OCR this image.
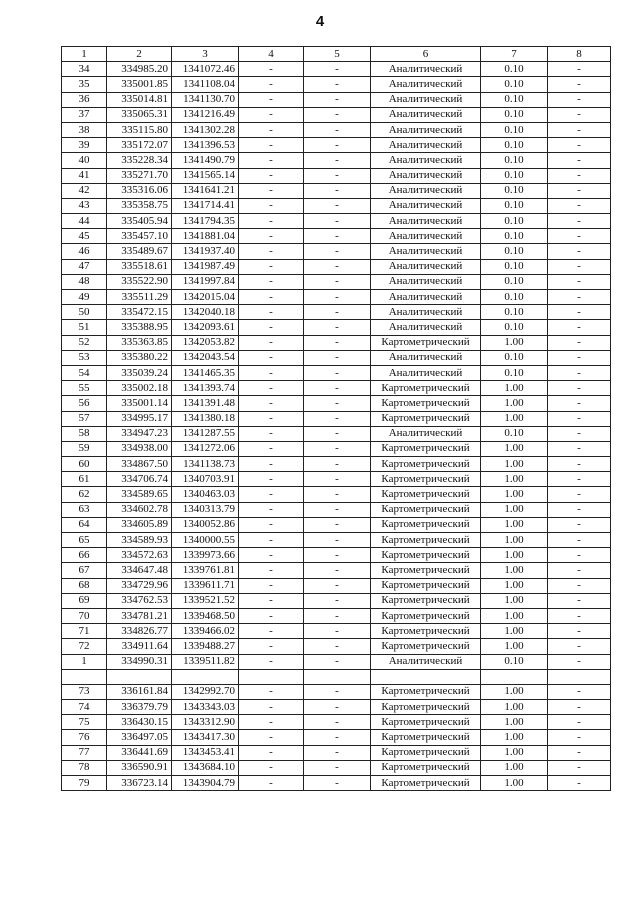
4
1	2	3	4	5	6	7	8
34	334985.20	1341072.46	-	-	Аналитический	0.10	-
35	335001.85	1341108.04	-	-	Аналитический	0.10	-
36	335014.81	1341130.70	-	-	Аналитический	0.10	-
37	335065.31	1341216.49	-	-	Аналитический	0.10	-
38	335115.80	1341302.28	-	-	Аналитический	0.10	-
39	335172.07	1341396.53	-	-	Аналитический	0.10	-
40	335228.34	1341490.79	-	-	Аналитический	0.10	-
41	335271.70	1341565.14	-	-	Аналитический	0.10	-
42	335316.06	1341641.21	-	-	Аналитический	0.10	-
43	335358.75	1341714.41	-	-	Аналитический	0.10	-
44	335405.94	1341794.35	-	-	Аналитический	0.10	-
45	335457.10	1341881.04	-	-	Аналитический	0.10	-
46	335489.67	1341937.40	-	-	Аналитический	0.10	-
47	335518.61	1341987.49	-	-	Аналитический	0.10	-
48	335522.90	1341997.84	-	-	Аналитический	0.10	-
49	335511.29	1342015.04	-	-	Аналитический	0.10	-
50	335472.15	1342040.18	-	-	Аналитический	0.10	-
51	335388.95	1342093.61	-	-	Аналитический	0.10	-
52	335363.85	1342053.82	-	-	Картометрический	1.00	-
53	335380.22	1342043.54	-	-	Аналитический	0.10	-
54	335039.24	1341465.35	-	-	Аналитический	0.10	-
55	335002.18	1341393.74	-	-	Картометрический	1.00	-
56	335001.14	1341391.48	-	-	Картометрический	1.00	-
57	334995.17	1341380.18	-	-	Картометрический	1.00	-
58	334947.23	1341287.55	-	-	Аналитический	0.10	-
59	334938.00	1341272.06	-	-	Картометрический	1.00	-
60	334867.50	1341138.73	-	-	Картометрический	1.00	-
61	334706.74	1340703.91	-	-	Картометрический	1.00	-
62	334589.65	1340463.03	-	-	Картометрический	1.00	-
63	334602.78	1340313.79	-	-	Картометрический	1.00	-
64	334605.89	1340052.86	-	-	Картометрический	1.00	-
65	334589.93	1340000.55	-	-	Картометрический	1.00	-
66	334572.63	1339973.66	-	-	Картометрический	1.00	-
67	334647.48	1339761.81	-	-	Картометрический	1.00	-
68	334729.96	1339611.71	-	-	Картометрический	1.00	-
69	334762.53	1339521.52	-	-	Картометрический	1.00	-
70	334781.21	1339468.50	-	-	Картометрический	1.00	-
71	334826.77	1339466.02	-	-	Картометрический	1.00	-
72	334911.64	1339488.27	-	-	Картометрический	1.00	-
1	334990.31	1339511.82	-	-	Аналитический	0.10	-

73	336161.84	1342992.70	-	-	Картометрический	1.00	-
74	336379.79	1343343.03	-	-	Картометрический	1.00	-
75	336430.15	1343312.90	-	-	Картометрический	1.00	-
76	336497.05	1343417.30	-	-	Картометрический	1.00	-
77	336441.69	1343453.41	-	-	Картометрический	1.00	-
78	336590.91	1343684.10	-	-	Картометрический	1.00	-
79	336723.14	1343904.79	-	-	Картометрический	1.00	-
